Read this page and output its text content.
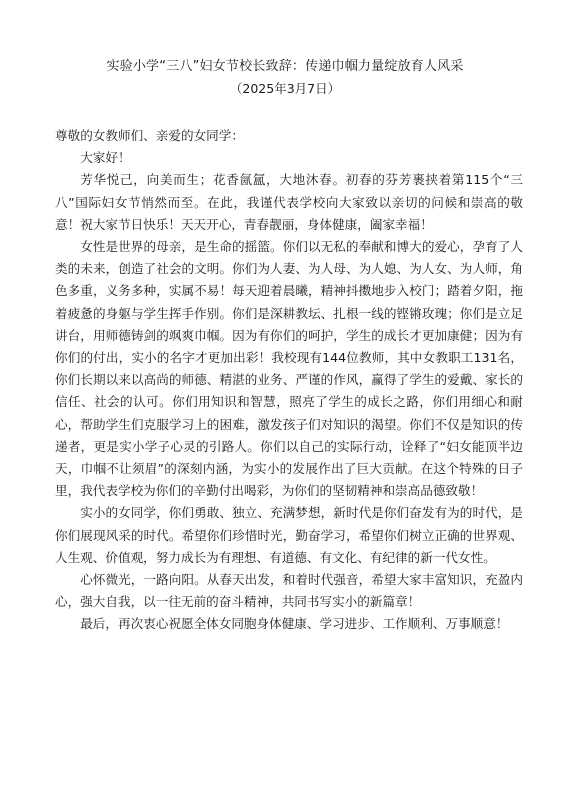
实验小学“三八”妇女节校长致辞：传递巾帼力量绽放育人风采
（2025年3月7日）

尊敬的女教师们、亲爱的女同学：

大家好！

芳华悦己，向美而生；花香氤氲，大地沐春。初春的芬芳裹挟着第115个“三八”国际妇女节悄然而至。在此，我谨代表学校向大家致以亲切的问候和崇高的敬意！祝大家节日快乐！天天开心，青春靓丽，身体健康，阖家幸福！

女性是世界的母亲，是生命的摇篮。你们以无私的奉献和博大的爱心，孕育了人类的未来，创造了社会的文明。你们为人妻、为人母、为人媳、为人女、为人师，角色多重，义务多种，实属不易！每天迎着晨曦，精神抖擞地步入校门；踏着夕阳，拖着疲惫的身躯与学生挥手作别。你们是深耕教坛、扎根一线的铿锵玫瑰；你们是立足讲台，用师德铸剑的飒爽巾帼。因为有你们的呵护，学生的成长才更加康健；因为有你们的付出，实小的名字才更加出彩！我校现有144位教师，其中女教职工131名，你们长期以来以高尚的师德、精湛的业务、严谨的作风，赢得了学生的爱戴、家长的信任、社会的认可。你们用知识和智慧，照亮了学生的成长之路，你们用细心和耐心，帮助学生们克服学习上的困难，激发孩子们对知识的渴望。你们不仅是知识的传递者，更是实小学子心灵的引路人。你们以自己的实际行动，诠释了“妇女能顶半边天，巾帼不让须眉”的深刻内涵，为实小的发展作出了巨大贡献。在这个特殊的日子里，我代表学校为你们的辛勤付出喝彩，为你们的坚韧精神和崇高品德致敬！

实小的女同学，你们勇敢、独立、充满梦想，新时代是你们奋发有为的时代，是你们展现风采的时代。希望你们珍惜时光，勤奋学习，希望你们树立正确的世界观、人生观、价值观，努力成长为有理想、有道德、有文化、有纪律的新一代女性。

心怀微光，一路向阳。从春天出发，和着时代强音，希望大家丰富知识，充盈内心，强大自我，以一往无前的奋斗精神，共同书写实小的新篇章！

最后，再次衷心祝愿全体女同胞身体健康、学习进步、工作顺利、万事顺意！
